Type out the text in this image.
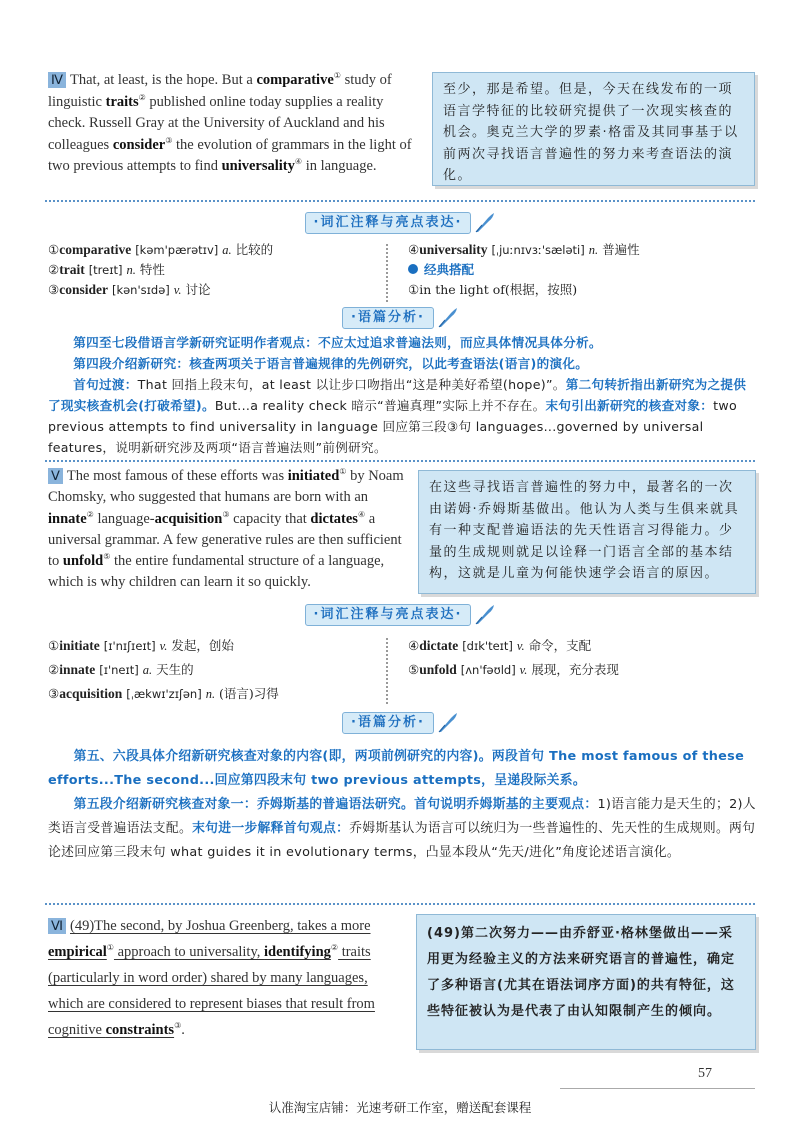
Ⅳ That, at least, is the hope. But a comparative① study of linguistic traits② published online today supplies a reality check. Russell Gray at the University of Auckland and his colleagues consider③ the evolution of grammars in the light of two previous attempts to find universality④ in language.
至少，那是希望。但是，今天在线发布的一项语言学特征的比较研究提供了一次现实核查的机会。奥克兰大学的罗素·格雷及其同事基于以前两次寻找语言普遍性的努力来考查语法的演化。
·词汇注释与亮点表达·
①comparative [kəm'pærətɪv] a. 比较的
②trait [treɪt] n. 特性
③consider [kən'sɪdə] v. 讨论
④universality [ˌjuːnɪvɜː'sæləti] n. 普遍性
经典搭配
①in the light of(根据，按照)
·语篇分析·
第四至七段借语言学新研究证明作者观点：不应太过追求普遍法则，而应具体情况具体分析。
第四段介绍新研究：核查两项关于语言普遍规律的先例研究，以此考查语法(语言)的演化。
首句过渡：That 回指上段末句，at least 以让步口吻指出“这是种美好希望(hope)”。第二句转折指出新研究为之提供了现实核查机会(打破希望)。But...a reality check 暗示“普遍真理”实际上并不存在。末句引出新研究的核查对象：two previous attempts to find universality in language 回应第三段③句 languages...governed by universal features，说明新研究涉及两项“语言普遍法则”前例研究。
Ⅴ The most famous of these efforts was initiated① by Noam Chomsky, who suggested that humans are born with an innate② language-acquisition③ capacity that dictates④ a universal grammar. A few generative rules are then sufficient to unfold⑤ the entire fundamental structure of a language, which is why children can learn it so quickly.
在这些寻找语言普遍性的努力中，最著名的一次由诺姆·乔姆斯基做出。他认为人类与生俱来就具有一种支配普遍语法的先天性语言习得能力。少量的生成规则就足以诠释一门语言全部的基本结构，这就是儿童为何能快速学会语言的原因。
·词汇注释与亮点表达·
①initiate [ɪ'nɪʃɪeɪt] v. 发起，创始
②innate [ɪ'neɪt] a. 天生的
③acquisition [ˌækwɪ'zɪʃən] n. (语言)习得
④dictate [dɪk'teɪt] v. 命令，支配
⑤unfold [ʌn'fəʊld] v. 展现，充分表现
·语篇分析·
第五、六段具体介绍新研究核查对象的内容(即，两项前例研究的内容)。两段首句 The most famous of these efforts...The second...回应第四段末句 two previous attempts，呈递段际关系。
第五段介绍新研究核查对象一：乔姆斯基的普遍语法研究。首句说明乔姆斯基的主要观点：1)语言能力是天生的；2)人类语言受普遍语法支配。末句进一步解释首句观点：乔姆斯基认为语言可以统归为一些普遍性的、先天性的生成规则。两句论述回应第三段末句 what guides it in evolutionary terms，凸显本段从“先天/进化”角度论述语言演化。
Ⅵ (49)The second, by Joshua Greenberg, takes a more empirical① approach to universality, identifying② traits (particularly in word order) shared by many languages, which are considered to represent biases that result from cognitive constraints③.
(49)第二次努力——由乔舒亚·格林堡做出——采用更为经验主义的方法来研究语言的普遍性，确定了多种语言(尤其在语法词序方面)的共有特征，这些特征被认为是代表了由认知限制产生的倾向。
57
认准淘宝店铺：光速考研工作室，赠送配套课程
